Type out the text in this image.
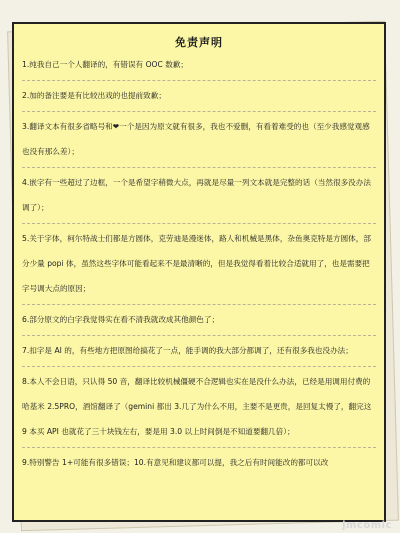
免责声明

1.纯我自己一个人翻译的，有错误有 OOC 数歉；

2.加的备注要是有比较出戏的也提前致歉；

3.翻译文本有很多省略号和❤一个是因为原文就有很多，我也不爱删，有看着难受的也（至少我感觉观感也没有那么差）；

4.嵌字有一些超过了边框，一个是希望字稍微大点，再就是尽量一列文本就是完整的话（当然很多没办法调了）；

5.关于字体，柯尔特战士们都是方圆体，克劳迪是漫迷体，路人和机械是黑体，杂鱼奥克特是方圆体，部分少量 popi 体，虽然这些字体可能看起来不是最清晰的，但是我觉得看着比较合适就用了，也是需要把字号调大点的原因；

6.部分原文的白字我觉得实在看不清我就改成其他颜色了；

7.扣字是 AI 的，有些地方把原图给搞花了一点，能手调的我大部分都调了，还有很多我也没办法；

8.本人不会日语，只认得 50 音，翻译比较机械僵硬不合逻辑也实在是没什么办法，已经是用调用付费的哈基米 2.5PRO，酒馆翻译了（gemini 都出 3.几了为什么不用，主要不是更贵，是回复太慢了，翻完这 9 本买 API 也就花了三十块钱左右，要是用 3.0 以上时间倒是不知道要翻几倍）；

9.特别警告 1+可能有很多错误；10.有意见和建议都可以提，我之后有时间能改的都可以改

jmcomic
